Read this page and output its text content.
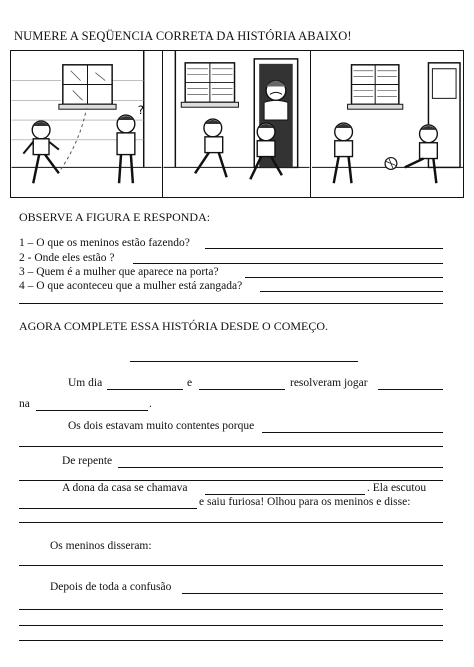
NUMERE A SEQÜENCIA CORRETA DA HISTÓRIA ABAIXO!
?
OBSERVE A FIGURA E RESPONDA:
1 – O que os meninos estão fazendo?
2 - Onde eles estão ?
3 – Quem é a mulher que aparece na porta?
4 – O que aconteceu que a mulher está zangada?
AGORA COMPLETE ESSA HISTÓRIA DESDE O COMEÇO.
Um dia	e	resolveram jogar
na	.
Os dois estavam muito contentes porque
De repente
A dona da casa se chamava	. Ela escutou
e saiu furiosa! Olhou para os meninos e disse:
Os meninos disseram:
Depois de toda a confusão
